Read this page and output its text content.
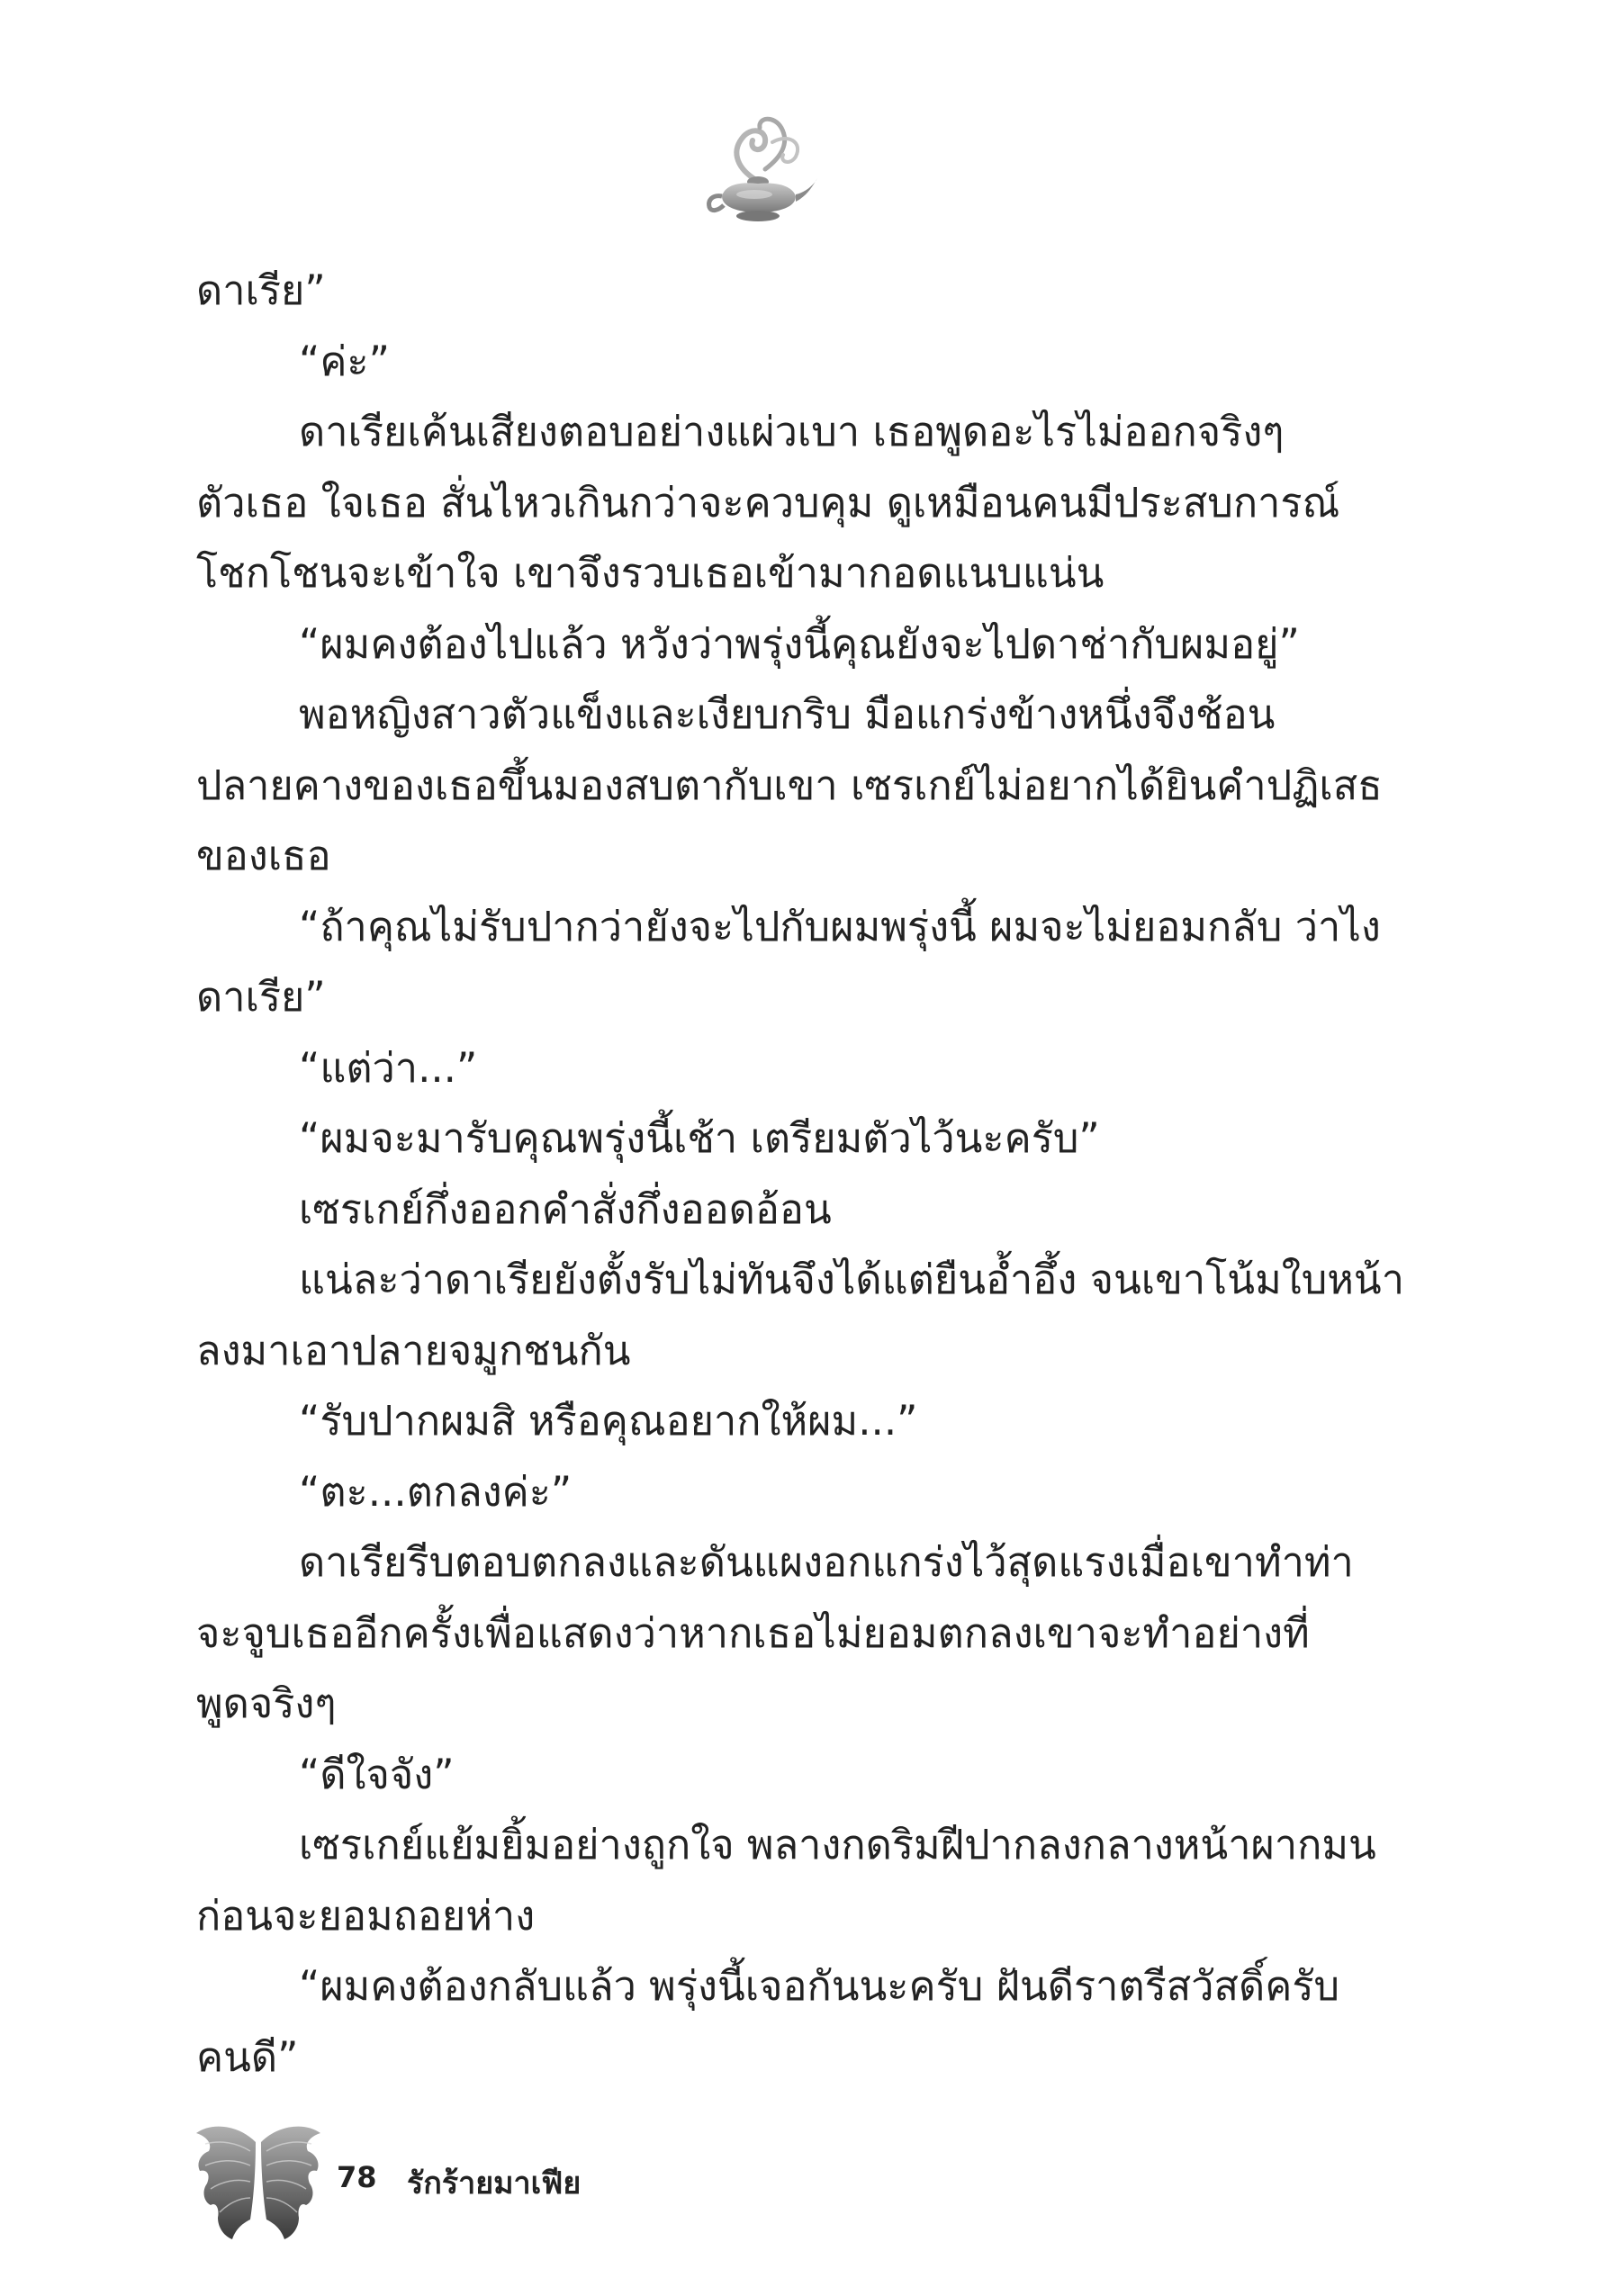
ดาเรีย”
“ค่ะ”
ดาเรียเค้นเสียงตอบอย่างแผ่วเบา เธอพูดอะไรไม่ออกจริงๆ
ตัวเธอ ใจเธอ สั่นไหวเกินกว่าจะควบคุม ดูเหมือนคนมีประสบการณ์
โชกโชนจะเข้าใจ เขาจึงรวบเธอเข้ามากอดแนบแน่น
“ผมคงต้องไปแล้ว หวังว่าพรุ่งนี้คุณยังจะไปดาช่ากับผมอยู่”
พอหญิงสาวตัวแข็งและเงียบกริบ มือแกร่งข้างหนึ่งจึงช้อน
ปลายคางของเธอขึ้นมองสบตากับเขา เซรเกย์ไม่อยากได้ยินคำปฏิเสธ
ของเธอ
“ถ้าคุณไม่รับปากว่ายังจะไปกับผมพรุ่งนี้ ผมจะไม่ยอมกลับ ว่าไง
ดาเรีย”
“แต่ว่า...”
“ผมจะมารับคุณพรุ่งนี้เช้า เตรียมตัวไว้นะครับ”
เซรเกย์กึ่งออกคำสั่งกึ่งออดอ้อน
แน่ละว่าดาเรียยังตั้งรับไม่ทันจึงได้แต่ยืนอ้ำอึ้ง จนเขาโน้มใบหน้า
ลงมาเอาปลายจมูกชนกัน
“รับปากผมสิ หรือคุณอยากให้ผม...”
“ตะ...ตกลงค่ะ”
ดาเรียรีบตอบตกลงและดันแผงอกแกร่งไว้สุดแรงเมื่อเขาทำท่า
จะจูบเธออีกครั้งเพื่อแสดงว่าหากเธอไม่ยอมตกลงเขาจะทำอย่างที่
พูดจริงๆ
“ดีใจจัง”
เซรเกย์แย้มยิ้มอย่างถูกใจ พลางกดริมฝีปากลงกลางหน้าผากมน
ก่อนจะยอมถอยห่าง
“ผมคงต้องกลับแล้ว พรุ่งนี้เจอกันนะครับ ฝันดีราตรีสวัสดิ์ครับ
คนดี”
78 รักร้ายมาเฟีย
